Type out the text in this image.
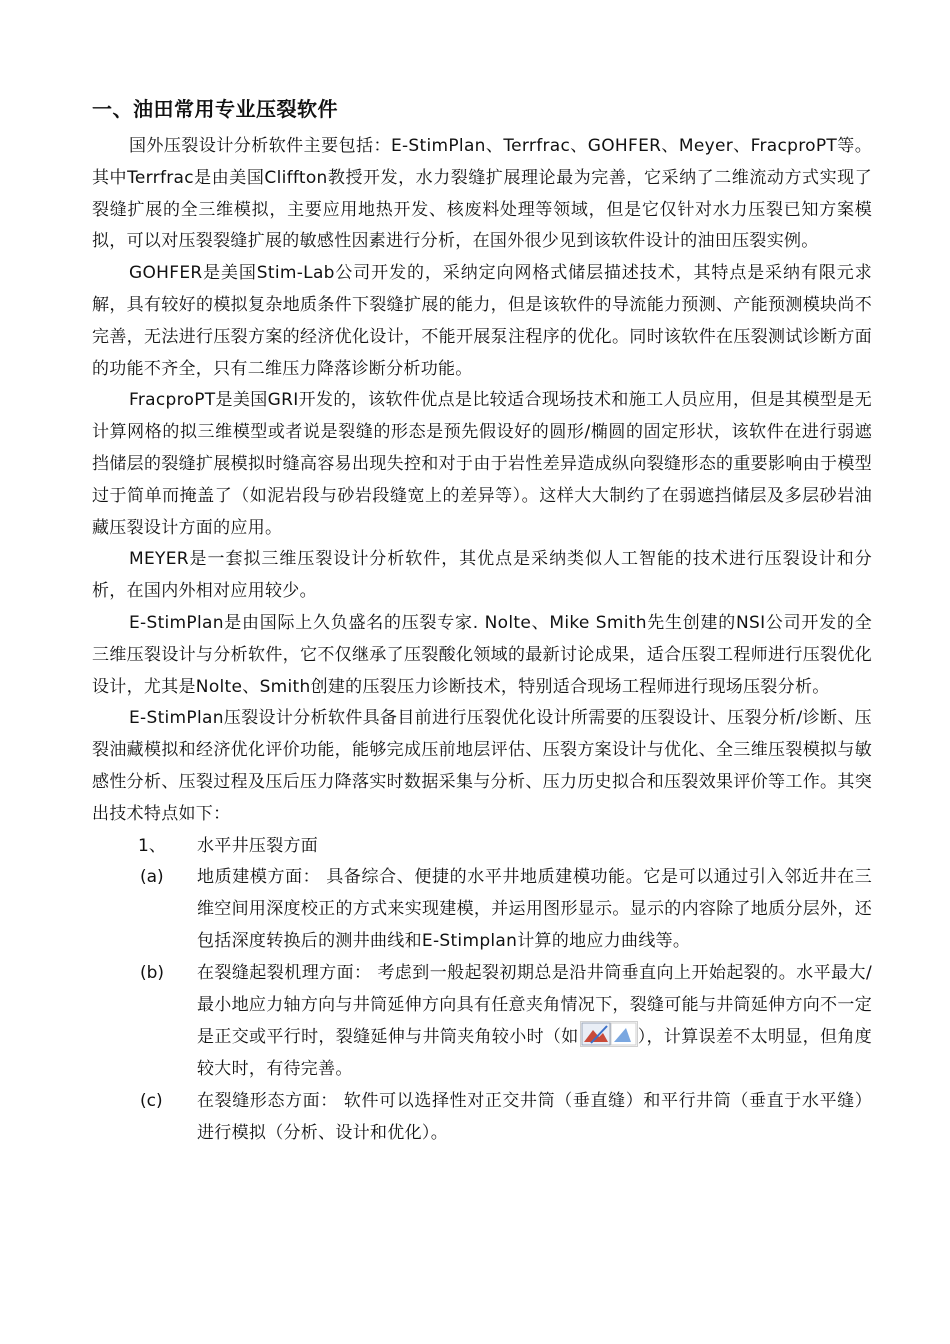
一、油田常用专业压裂软件

国外压裂设计分析软件主要包括：E-StimPlan、Terrfrac、GOHFER、Meyer、FracproPT等。其中Terrfrac是由美国Cliffton教授开发，水力裂缝扩展理论最为完善，它采纳了二维流动方式实现了裂缝扩展的全三维模拟，主要应用地热开发、核废料处理等领域，但是它仅针对水力压裂已知方案模拟，可以对压裂裂缝扩展的敏感性因素进行分析，在国外很少见到该软件设计的油田压裂实例。

GOHFER是美国Stim-Lab公司开发的，采纳定向网格式储层描述技术，其特点是采纳有限元求解，具有较好的模拟复杂地质条件下裂缝扩展的能力，但是该软件的导流能力预测、产能预测模块尚不完善，无法进行压裂方案的经济优化设计，不能开展泵注程序的优化。同时该软件在压裂测试诊断方面的功能不齐全，只有二维压力降落诊断分析功能。

FracproPT是美国GRI开发的，该软件优点是比较适合现场技术和施工人员应用，但是其模型是无计算网格的拟三维模型或者说是裂缝的形态是预先假设好的圆形/椭圆的固定形状，该软件在进行弱遮挡储层的裂缝扩展模拟时缝高容易出现失控和对于由于岩性差异造成纵向裂缝形态的重要影响由于模型过于简单而掩盖了（如泥岩段与砂岩段缝宽上的差异等）。这样大大制约了在弱遮挡储层及多层砂岩油藏压裂设计方面的应用。

MEYER是一套拟三维压裂设计分析软件，其优点是采纳类似人工智能的技术进行压裂设计和分析，在国内外相对应用较少。

E-StimPlan是由国际上久负盛名的压裂专家. Nolte、Mike Smith先生创建的NSI公司开发的全三维压裂设计与分析软件，它不仅继承了压裂酸化领域的最新讨论成果，适合压裂工程师进行压裂优化设计，尤其是Nolte、Smith创建的压裂压力诊断技术，特别适合现场工程师进行现场压裂分析。

E-StimPlan压裂设计分析软件具备目前进行压裂优化设计所需要的压裂设计、压裂分析/诊断、压裂油藏模拟和经济优化评价功能，能够完成压前地层评估、压裂方案设计与优化、全三维压裂模拟与敏感性分析、压裂过程及压后压力降落实时数据采集与分析、压力历史拟合和压裂效果评价等工作。其突出技术特点如下：

1、 水平井压裂方面
(a) 地质建模方面： 具备综合、便捷的水平井地质建模功能。它是可以通过引入邻近井在三维空间用深度校正的方式来实现建模，并运用图形显示。显示的内容除了地质分层外，还包括深度转换后的测井曲线和E-Stimplan计算的地应力曲线等。
(b) 在裂缝起裂机理方面： 考虑到一般起裂初期总是沿井筒垂直向上开始起裂的。水平最大/最小地应力轴方向与井筒延伸方向具有任意夹角情况下，裂缝可能与井筒延伸方向不一定是正交或平行时，裂缝延伸与井筒夹角较小时（如	），计算误差不太明显，但角度较大时，有待完善。
(c) 在裂缝形态方面： 软件可以选择性对正交井筒（垂直缝）和平行井筒（垂直于水平缝）进行模拟（分析、设计和优化）。
